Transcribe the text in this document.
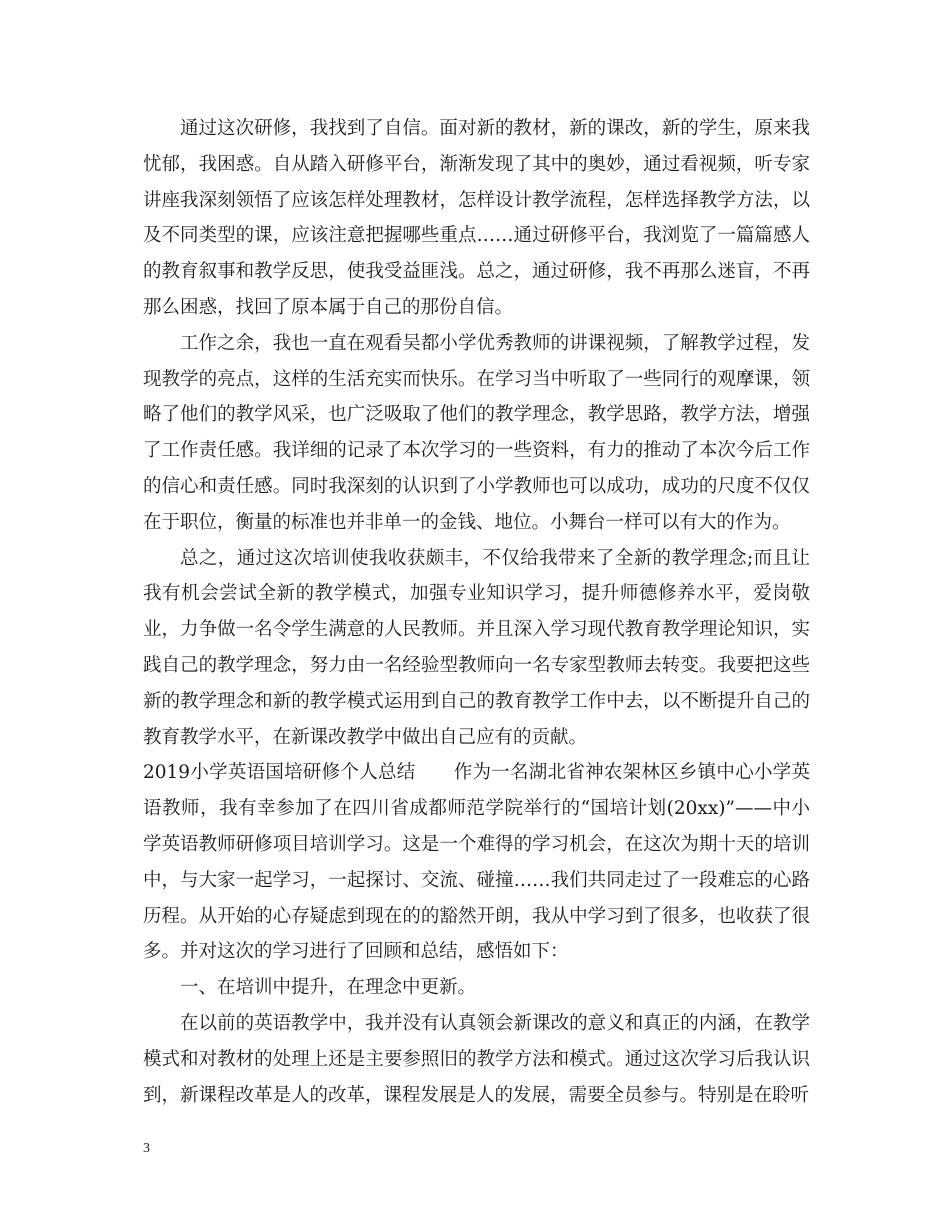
通过这次研修，我找到了自信。面对新的教材，新的课改，新的学生，原来我忧郁，我困惑。自从踏入研修平台，渐渐发现了其中的奥妙，通过看视频，听专家讲座我深刻领悟了应该怎样处理教材，怎样设计教学流程，怎样选择教学方法，以及不同类型的课，应该注意把握哪些重点……通过研修平台，我浏览了一篇篇感人的教育叙事和教学反思，使我受益匪浅。总之，通过研修，我不再那么迷盲，不再那么困惑，找回了原本属于自己的那份自信。

工作之余，我也一直在观看吴都小学优秀教师的讲课视频，了解教学过程，发现教学的亮点，这样的生活充实而快乐。在学习当中听取了一些同行的观摩课，领略了他们的教学风采，也广泛吸取了他们的教学理念，教学思路，教学方法，增强了工作责任感。我详细的记录了本次学习的一些资料，有力的推动了本次今后工作的信心和责任感。同时我深刻的认识到了小学教师也可以成功，成功的尺度不仅仅在于职位，衡量的标准也并非单一的金钱、地位。小舞台一样可以有大的作为。

总之，通过这次培训使我收获颇丰，不仅给我带来了全新的教学理念;而且让我有机会尝试全新的教学模式，加强专业知识学习，提升师德修养水平，爱岗敬业，力争做一名令学生满意的人民教师。并且深入学习现代教育教学理论知识，实践自己的教学理念，努力由一名经验型教师向一名专家型教师去转变。我要把这些新的教学理念和新的教学模式运用到自己的教育教学工作中去，以不断提升自己的教育教学水平，在新课改教学中做出自己应有的贡献。

2019小学英语国培研修个人总结 作为一名湖北省神农架林区乡镇中心小学英语教师，我有幸参加了在四川省成都师范学院举行的“国培计划(20xx)”——中小学英语教师研修项目培训学习。这是一个难得的学习机会，在这次为期十天的培训中，与大家一起学习，一起探讨、交流、碰撞……我们共同走过了一段难忘的心路历程。从开始的心存疑虑到现在的的豁然开朗，我从中学习到了很多，也收获了很多。并对这次的学习进行了回顾和总结，感悟如下：

一、在培训中提升，在理念中更新。

在以前的英语教学中，我并没有认真领会新课改的意义和真正的内涵，在教学模式和对教材的处理上还是主要参照旧的教学方法和模式。通过这次学习后我认识到，新课程改革是人的改革，课程发展是人的发展，需要全员参与。特别是在聆听

3
